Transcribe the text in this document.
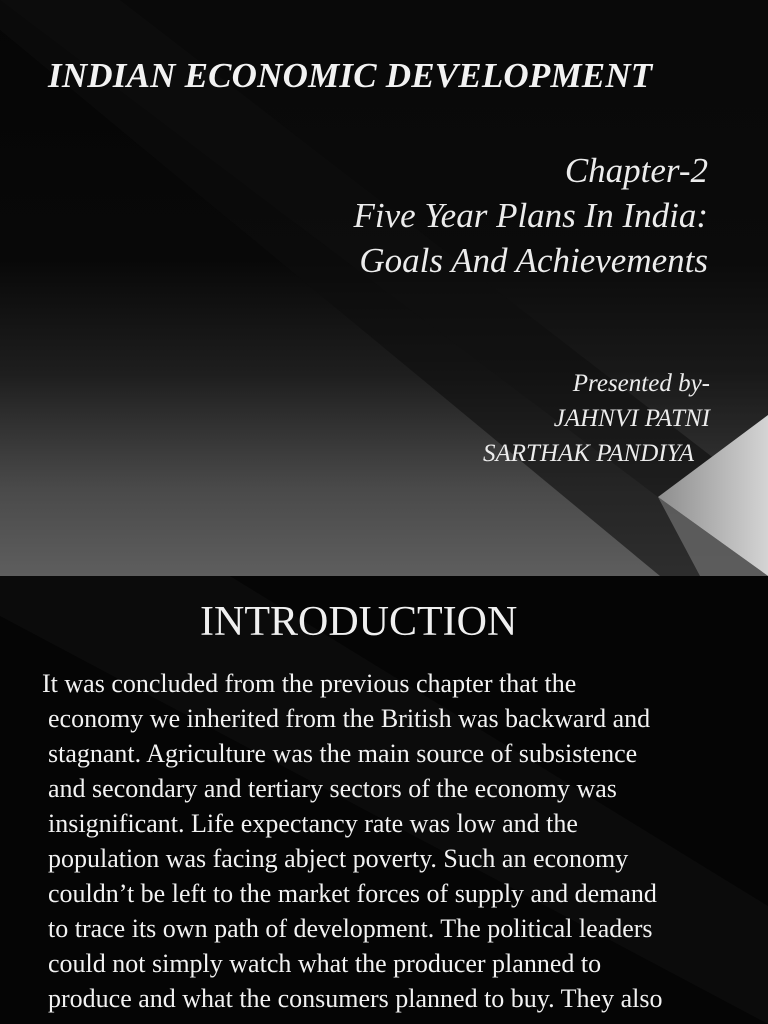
INDIAN ECONOMIC DEVELOPMENT
Chapter-2
Five Year Plans In India:
Goals And Achievements
Presented by-
JAHNVI PATNI
SARTHAK PANDIYA
INTRODUCTION
It was concluded from the previous chapter that the
economy we inherited from the British was backward and
stagnant. Agriculture was the main source of subsistence
and secondary and tertiary sectors of the economy was
insignificant. Life expectancy rate was low and the
population was facing abject poverty. Such an economy
couldn’t be left to the market forces of supply and demand
to trace its own path of development. The political leaders
could not simply watch what the producer planned to
produce and what the consumers planned to buy. They also
